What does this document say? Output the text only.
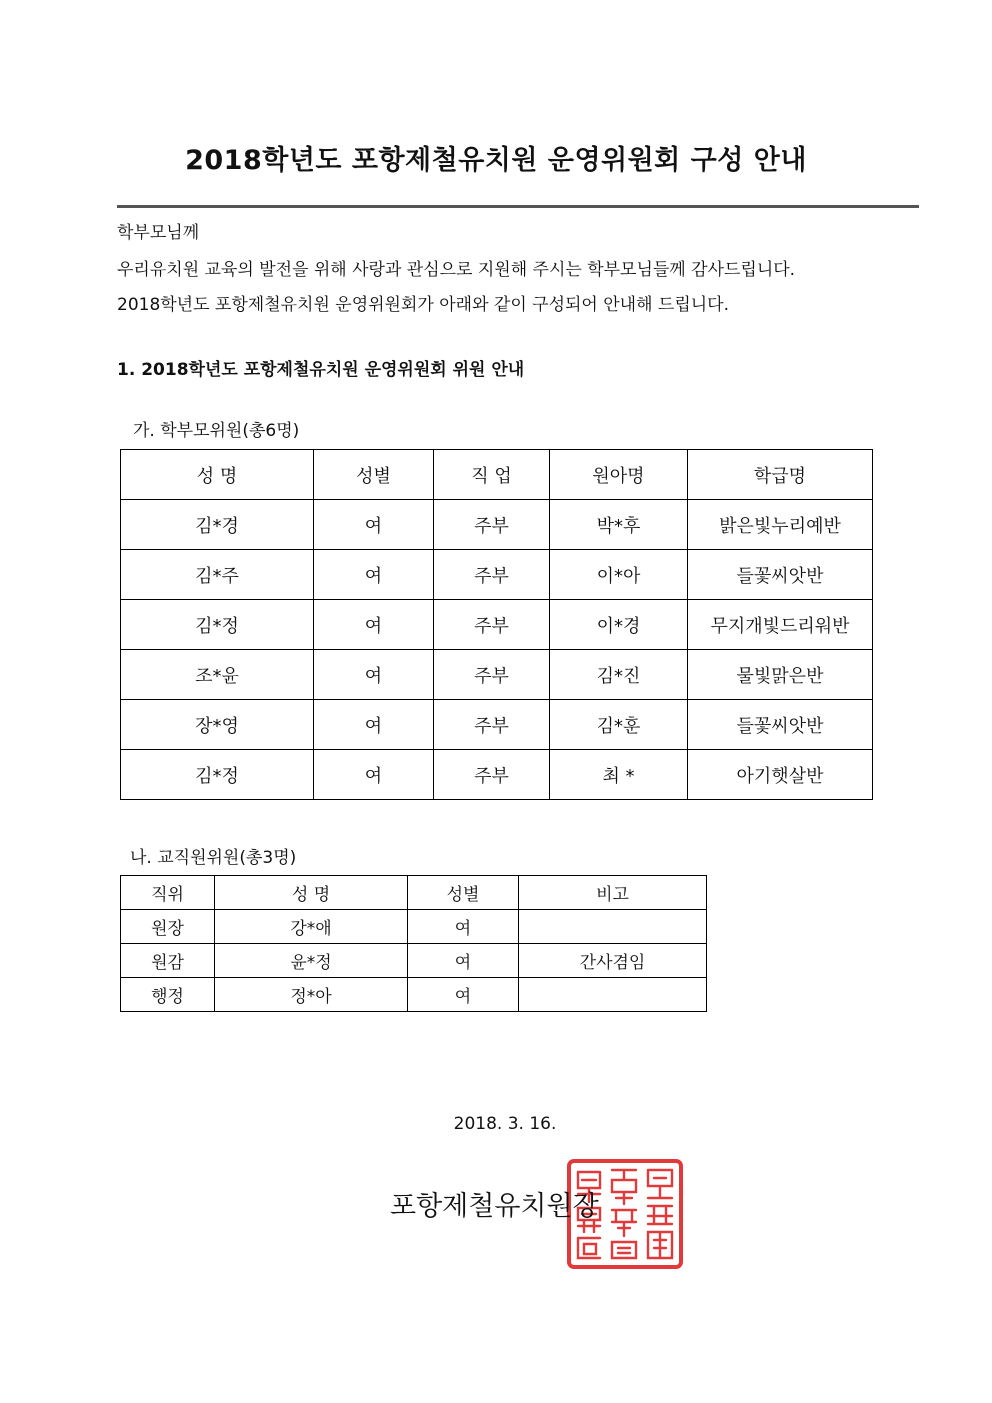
2018학년도 포항제철유치원 운영위원회 구성 안내
학부모님께
우리유치원 교육의 발전을 위해 사랑과 관심으로 지원해 주시는 학부모님들께 감사드립니다.
2018학년도 포항제철유치원 운영위원회가 아래와 같이 구성되어 안내해 드립니다.
1. 2018학년도 포항제철유치원 운영위원회 위원 안내
가. 학부모위원(총6명)
성 명	성별	직 업	원아명	학급명
김*경	여	주부	박*후	밝은빛누리예반
김*주	여	주부	이*아	들꽃씨앗반
김*정	여	주부	이*경	무지개빛드리워반
조*윤	여	주부	김*진	물빛맑은반
장*영	여	주부	김*훈	들꽃씨앗반
김*정	여	주부	최 *	아기햇살반
나. 교직원위원(총3명)
직위	성 명	성별	비고
원장	강*애	여	
원감	윤*정	여	간사겸임
행정	정*아	여	
2018. 3. 16.
포항제철유치원장
